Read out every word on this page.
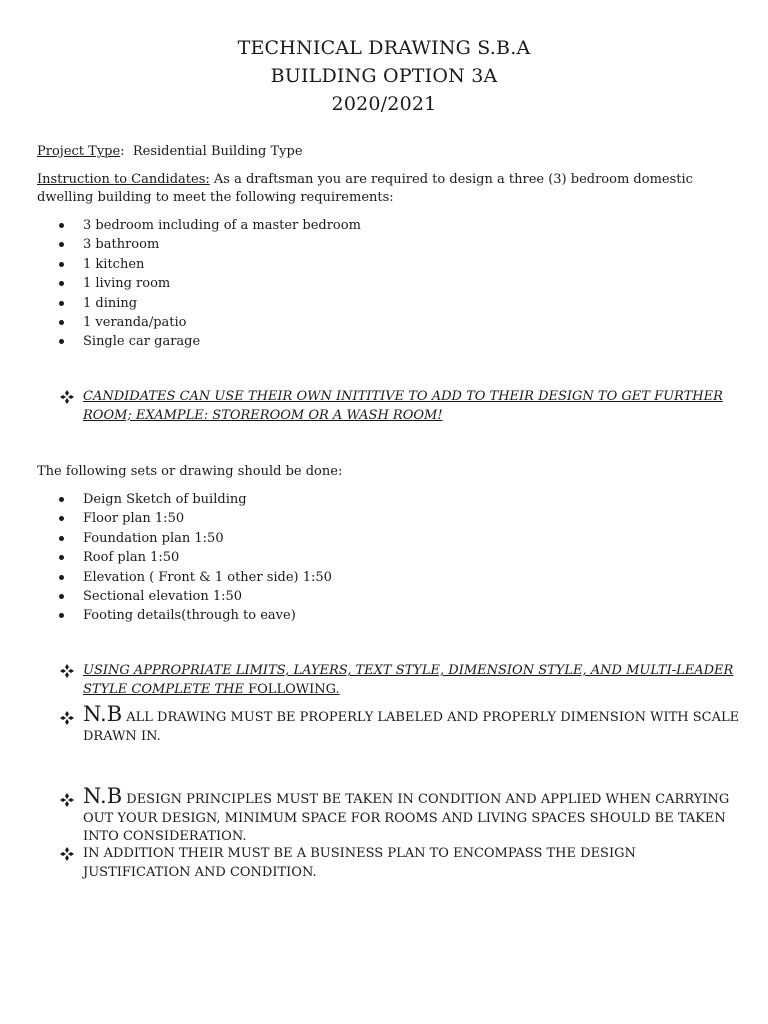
TECHNICAL DRAWING S.B.A
BUILDING OPTION 3A
2020/2021
Project Type: Residential Building Type
Instruction to Candidates: As a draftsman you are required to design a three (3) bedroom domestic dwelling building to meet the following requirements:
3 bedroom including of a master bedroom
3 bathroom
1 kitchen
1 living room
1 dining
1 veranda/patio
Single car garage
CANDIDATES CAN USE THEIR OWN INITITIVE TO ADD TO THEIR DESIGN TO GET FURTHER ROOM; EXAMPLE: STOREROOM OR A WASH ROOM!
The following sets or drawing should be done:
Deign Sketch of building
Floor plan 1:50
Foundation plan 1:50
Roof plan 1:50
Elevation ( Front & 1 other side) 1:50
Sectional elevation 1:50
Footing details(through to eave)
USING APPROPRIATE LIMITS, LAYERS, TEXT STYLE, DIMENSION STYLE, AND MULTI-LEADER STYLE COMPLETE THE FOLLOWING.
N.B ALL DRAWING MUST BE PROPERLY LABELED AND PROPERLY DIMENSION WITH SCALE DRAWN IN.
N.B DESIGN PRINCIPLES MUST BE TAKEN IN CONDITION AND APPLIED WHEN CARRYING OUT YOUR DESIGN, MINIMUM SPACE FOR ROOMS AND LIVING SPACES SHOULD BE TAKEN INTO CONSIDERATION.
IN ADDITION THEIR MUST BE A BUSINESS PLAN TO ENCOMPASS THE DESIGN JUSTIFICATION AND CONDITION.
